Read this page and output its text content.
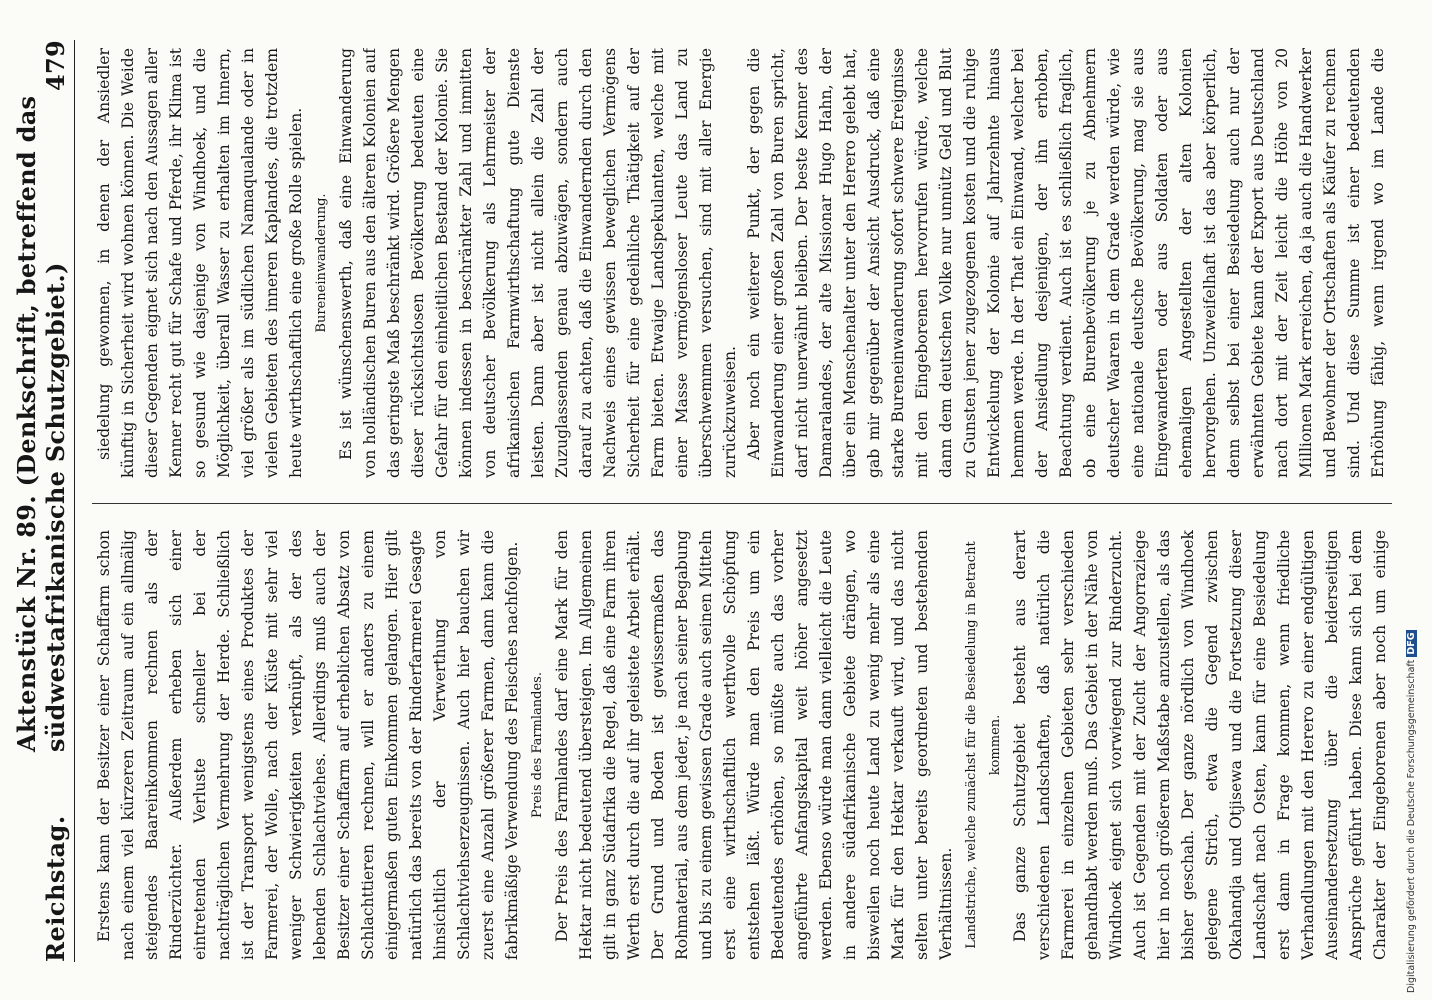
Reichstag.
Aktenstück Nr. 89. (Denkschrift, betreffend das südwestafrikanische Schutzgebiet.)
479

Erstens kann der Besitzer einer Schaffarm schon nach einem viel kürzeren Zeitraum auf ein allmälig steigendes Baareinkommen rechnen als der Rinderzüchter. Außerdem erheben sich einer eintretenden Verluste schneller bei der nachträglichen Vermehrung der Herde. Schließlich ist der Transport wenigstens eines Produktes der Farmerei, der Wolle, nach der Küste mit sehr viel weniger Schwierigkeiten verknüpft, als der des lebenden Schlachtviehes. Allerdings muß auch der Besitzer einer Schaffarm auf erheblichen Absatz von Schlachttieren rechnen, will er anders zu einem einigermaßen guten Einkommen gelangen. Hier gilt natürlich das bereits von der Rinderfarmerei Gesagte hinsichtlich der Verwerthung von Schlachtviehserzeugnissen. Auch hier bauchen wir zuerst eine Anzahl größerer Farmen, dann kann die fabrikmäßige Verwendung des Fleisches nachfolgen. Preis des Farmlandes. Der Preis des Farmlandes darf eine Mark für den Hektar nicht bedeutend übersteigen. Im Allgemeinen gilt in ganz Südafrika die Regel, daß eine Farm ihren Werth erst durch die auf ihr geleistete Arbeit erhält. Der Grund und Boden ist gewissermaßen das Rohmaterial, aus dem jeder, je nach seiner Begabung und bis zu einem gewissen Grade auch seinen Mitteln erst eine wirthschaftlich werthvolle Schöpfung entstehen läßt. Würde man den Preis um ein Bedeutendes erhöhen, so müßte auch das vorher angeführte Anfangskapital weit höher angesetzt werden. Ebenso würde man dann vielleicht die Leute in andere südafrikanische Gebiete drängen, wo bisweilen noch heute Land zu wenig mehr als eine Mark für den Hektar verkauft wird, und das nicht selten unter bereits geordneten und bestehenden Verhältnissen. Landstriche, welche zunächst für die Besiedelung in Betracht kommen.

Das ganze Schutzgebiet besteht aus derart verschiedenen Landschaften, daß natürlich die Farmerei in einzelnen Gebieten sehr verschieden gehandhabt werden muß. Das Gebiet in der Nähe von Windhoek eignet sich vorwiegend zur Rinderzucht. Auch ist Gegenden mit der Zucht der Angorraziege hier in noch größerem Maßstabe anzustellen, als das bisher geschah. Der ganze nördlich von Windhoek gelegene Strich, etwa die Gegend zwischen Okahandja und Otjisewa und die Fortsetzung dieser Landschaft nach Osten, kann für eine Besiedelung erst dann in Frage kommen, wenn friedliche Verhandlungen mit den Herero zu einer endgültigen Auseinandersetzung über die beiderseitigen Ansprüche geführt haben. Diese kann sich bei dem Charakter der Eingeborenen aber noch um einige

siedelung gewonnen, in denen der Ansiedler künftig in Sicherheit wird wohnen können. Die Weide dieser Gegenden eignet sich nach den Aussagen aller Kenner recht gut für Schafe und Pferde, ihr Klima ist so gesund wie dasjenige von Windhoek, und die Möglichkeit, überall Wasser zu erhalten im Innern, viel größer als im südlichen Namaqualande oder in vielen Gebieten des inneren Kaplandes, die trotzdem heute wirthschaftlich eine große Rolle spielen. Bureneinwanderung. Es ist wünschenswerth, daß eine Einwanderung von holländischen Buren aus den älteren Kolonien auf das geringste Maß beschränkt wird. Größere Mengen dieser rücksichtslosen Bevölkerung bedeuten eine Gefahr für den einheitlichen Bestand der Kolonie. Sie können indessen in beschränkter Zahl und inmitten von deutscher Bevölkerung als Lehrmeister der afrikanischen Farmwirthschaftung gute Dienste leisten. Dann aber ist nicht allein die Zahl der Zuzuglassenden genau abzuwägen, sondern auch darauf zu achten, daß die Einwandernden durch den Nachweis eines gewissen beweglichen Vermögens Sicherheit für eine gedeihliche Thätigkeit auf der Farm bieten. Etwaige Landspekulanten, welche mit einer Masse vermögensloser Leute das Land zu überschwemmen versuchen, sind mit aller Energie zurückzuweisen. Aber noch ein weiterer Punkt, der gegen die Einwanderung einer großen Zahl von Buren spricht, darf nicht unerwähnt bleiben. Der beste Kenner des Damaralandes, der alte Missionar Hugo Hahn, der über ein Menschenalter unter den Herero gelebt hat, gab mir gegenüber der Ansicht Ausdruck, daß eine starke Bureneinwanderung sofort schwere Ereignisse mit den Eingeborenen hervorrufen würde, welche dann dem deutschen Volke nur unnütz Geld und Blut zu Gunsten jener zugezogenen kosten und die ruhige Entwickelung der Kolonie auf Jahrzehnte hinaus hemmen werde. In der That ein Einwand, welcher bei der Ansiedlung desjenigen, der ihn erhoben, Beachtung verdient. Auch ist es schließlich fraglich, ob eine Burenbevölkerung je zu Abnehmern deutscher Waaren in dem Grade werden würde, wie eine nationale deutsche Bevölkerung, mag sie aus Eingewanderten oder aus Soldaten oder aus ehemaligen Angestellten der alten Kolonien hervorgehen. Unzweifelhaft ist das aber körperlich, denn selbst bei einer Besiedelung auch nur der erwähnten Gebiete kann der Export aus Deutschland nach dort mit der Zeit leicht die Höhe von 20 Millionen Mark erreichen, da ja auch die Handwerker und Bewohner der Ortschaften als Käufer zu rechnen sind. Und diese Summe ist einer bedeutenden Erhöhung fähig, wenn irgend wo im Lande die

Digitalisierung gefördert durch die Deutsche Forschungsgemeinschaft DFG
